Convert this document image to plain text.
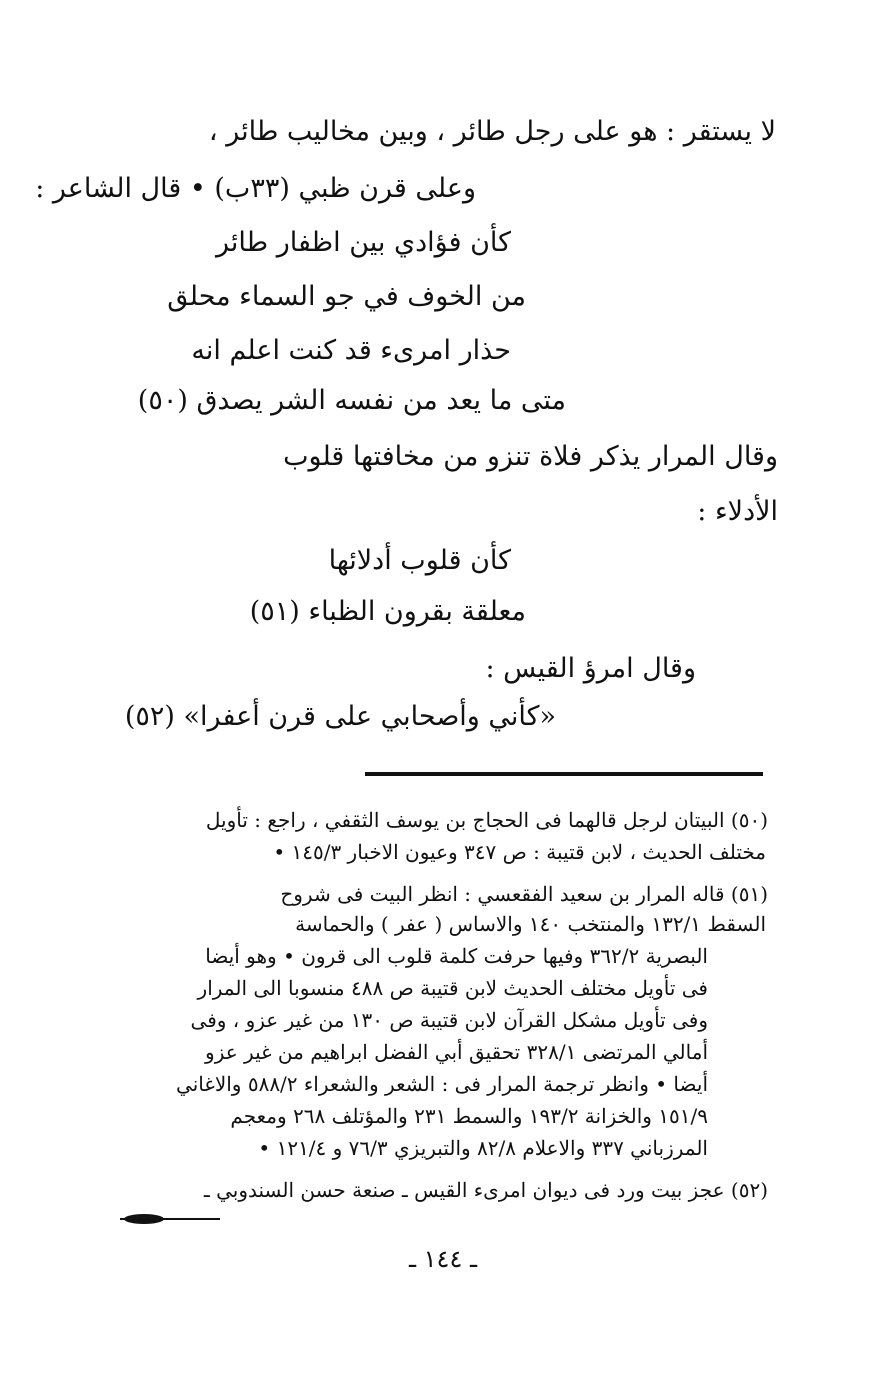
لا يستقر : هو على رجل طائر ، وبين مخاليب طائر ،
وعلى قرن ظبي (٣٣ب) • قال الشاعر :
كأن فؤادي بين اظفار طائر
من الخوف في جو السماء محلق
حذار امرىء قد كنت اعلم انه
متى ما يعد من نفسه الشر يصدق (٥٠)
وقال المرار يذكر فلاة تنزو من مخافتها قلوب
الأدلاء :
كأن قلوب أدلائها
معلقة بقرون الظباء (٥١)
وقال امرؤ القيس :
«كأني وأصحابي على قرن أعفرا» (٥٢)
(٥٠) البيتان لرجل قالهما فى الحجاج بن يوسف الثقفي ، راجع : تأويل
مختلف الحديث ، لابن قتيبة : ص ٣٤٧ وعيون الاخبار ١٤٥/٣ •
(٥١) قاله المرار بن سعيد الفقعسي : انظر البيت فى شروح
السقط ١٣٢/١ والمنتخب ١٤٠ والاساس ( عفر ) والحماسة
البصرية ٣٦٢/٢ وفيها حرفت كلمة قلوب الى قرون • وهو أيضا
فى تأويل مختلف الحديث لابن قتيبة ص ٤٨٨ منسوبا الى المرار
وفى تأويل مشكل القرآن لابن قتيبة ص ١٣٠ من غير عزو ، وفى
أمالي المرتضى ٣٢٨/١ تحقيق أبي الفضل ابراهيم من غير عزو
أيضا • وانظر ترجمة المرار فى : الشعر والشعراء ٥٨٨/٢ والاغاني
١٥١/٩ والخزانة ١٩٣/٢ والسمط ٢٣١ والمؤتلف ٢٦٨ ومعجم
المرزباني ٣٣٧ والاعلام ٨٢/٨ والتبريزي ٧٦/٣ و ١٢١/٤ •
(٥٢) عجز بيت ورد فى ديوان امرىء القيس ـ صنعة حسن السندوبي ـ
ـ ١٤٤ ـ
